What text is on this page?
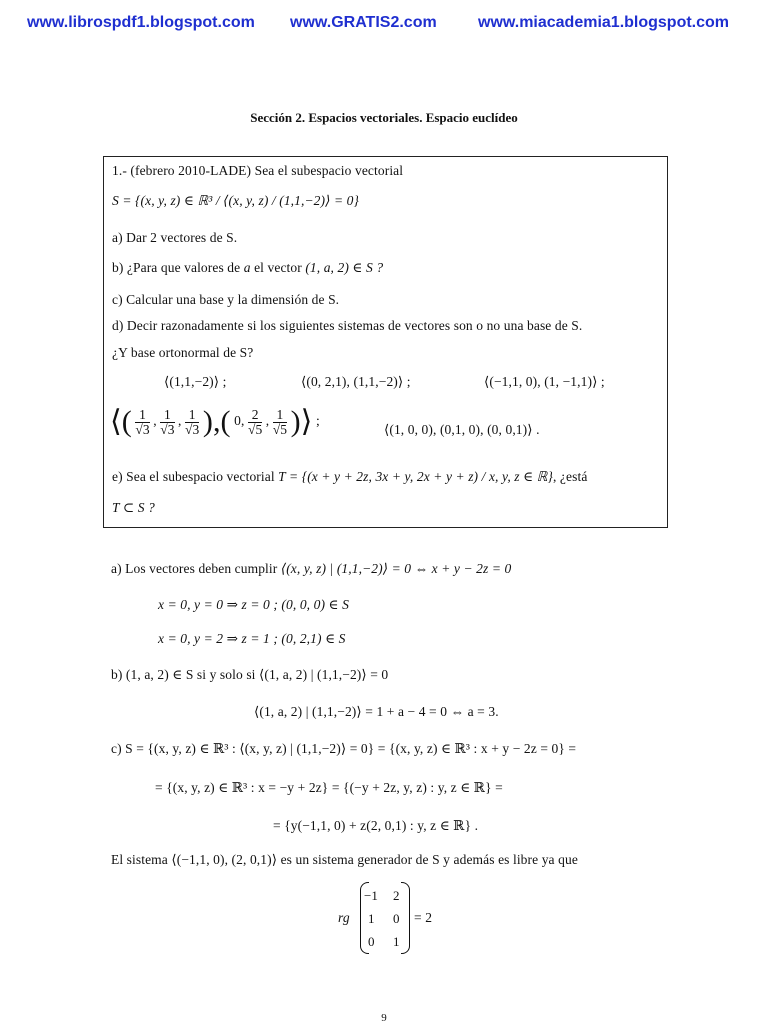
www.librospdf1.blogspot.com www.GRATIS2.com	www.miacademia1.blogspot.com
Sección 2. Espacios vectoriales. Espacio euclídeo
1.- (febrero 2010-LADE) Sea el subespacio vectorial
S = {(x, y, z) ∈ ℝ³ / ⟨(x, y, z) / (1,1,−2)⟩ = 0}
a) Dar 2 vectores de S.
b) ¿Para que valores de a el vector (1, a, 2) ∈ S ?
c) Calcular una base y la dimensión de S.
d) Decir razonadamente si los siguientes sistemas de vectores son o no una base de S.
¿Y base ortonormal de S?
⟨(1,1,−2)⟩ ;	⟨(0, 2,1), (1,1,−2)⟩ ;	⟨(−1,1, 0), (1, −1,1)⟩ ;
⟨( $\frac{1}{√3}$ , $\frac{1}{√3}$ , $\frac{1}{√3}$ ),( 0, $\frac{2}{√5}$ , $\frac{1}{√5}$ )⟩ ;
⟨(1, 0, 0), (0,1, 0), (0, 0,1)⟩ .
e) Sea el subespacio vectorial T = {(x + y + 2z, 3x + y, 2x + y + z) / x, y, z ∈ ℝ}, ¿está
T ⊂ S ?
a) Los vectores deben cumplir ⟨(x, y, z) | (1,1,−2)⟩ = 0 ⇔ x + y − 2z = 0
x = 0, y = 0 ⇒ z = 0 ; (0, 0, 0) ∈ S
x = 0, y = 2 ⇒ z = 1 ; (0, 2,1) ∈ S
b) (1, a, 2) ∈ S si y solo si ⟨(1, a, 2) | (1,1,−2)⟩ = 0
⟨(1, a, 2) | (1,1,−2)⟩ = 1 + a − 4 = 0 ⇔ a = 3.
c) S = {(x, y, z) ∈ ℝ³ : ⟨(x, y, z) | (1,1,−2)⟩ = 0} = {(x, y, z) ∈ ℝ³ : x + y − 2z = 0} =
= {(x, y, z) ∈ ℝ³ : x = −y + 2z} = {(−y + 2z, y, z) : y, z ∈ ℝ} =
= {y(−1,1, 0) + z(2, 0,1) : y, z ∈ ℝ} .
El sistema ⟨(−1,1, 0), (2, 0,1)⟩ es un sistema generador de S y además es libre ya que
rg
−1 2
1 0
0 1
= 2
9
